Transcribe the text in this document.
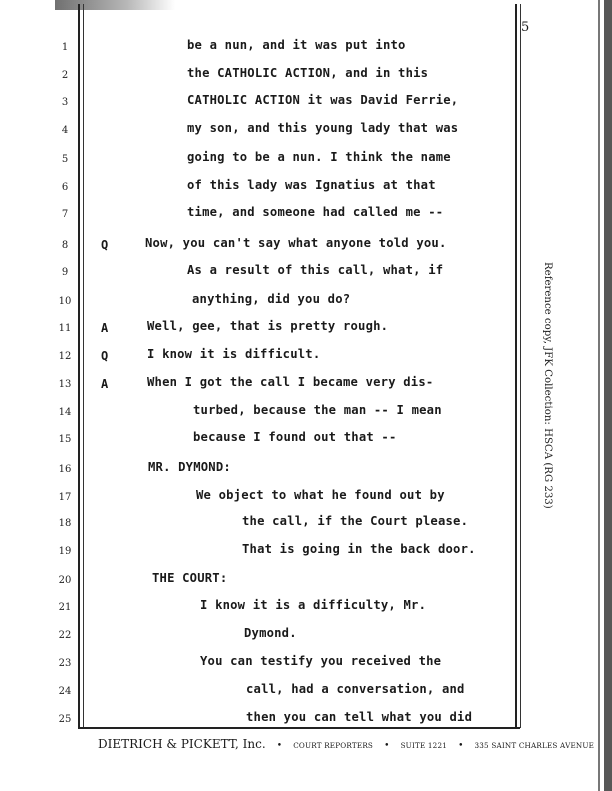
5
1	be a nun, and it was put into
2	the CATHOLIC ACTION, and in this
3	CATHOLIC ACTION it was David Ferrie,
4	my son, and this young lady that was
5	going to be a nun. I think the name
6	of this lady was Ignatius at that
7	time, and someone had called me --
8	Q	Now, you can't say what anyone told you.
9	As a result of this call, what, if
10	anything, did you do?
11	A	Well, gee, that is pretty rough.
12	Q	I know it is difficult.
13	A	When I got the call I became very dis-
14	turbed, because the man -- I mean
15	because I found out that --
16	MR. DYMOND:
17	We object to what he found out by
18	the call, if the Court please.
19	That is going in the back door.
20	THE COURT:
21	I know it is a difficulty, Mr.
22	Dymond.
23	You can testify you received the
24	call, had a conversation, and
25	then you can tell what you did
Reference copy, JFK Collection: HSCA (RG 233)
DIETRICH & PICKETT, Inc. • COURT REPORTERS • SUITE 1221 • 335 SAINT CHARLES AVENUE
